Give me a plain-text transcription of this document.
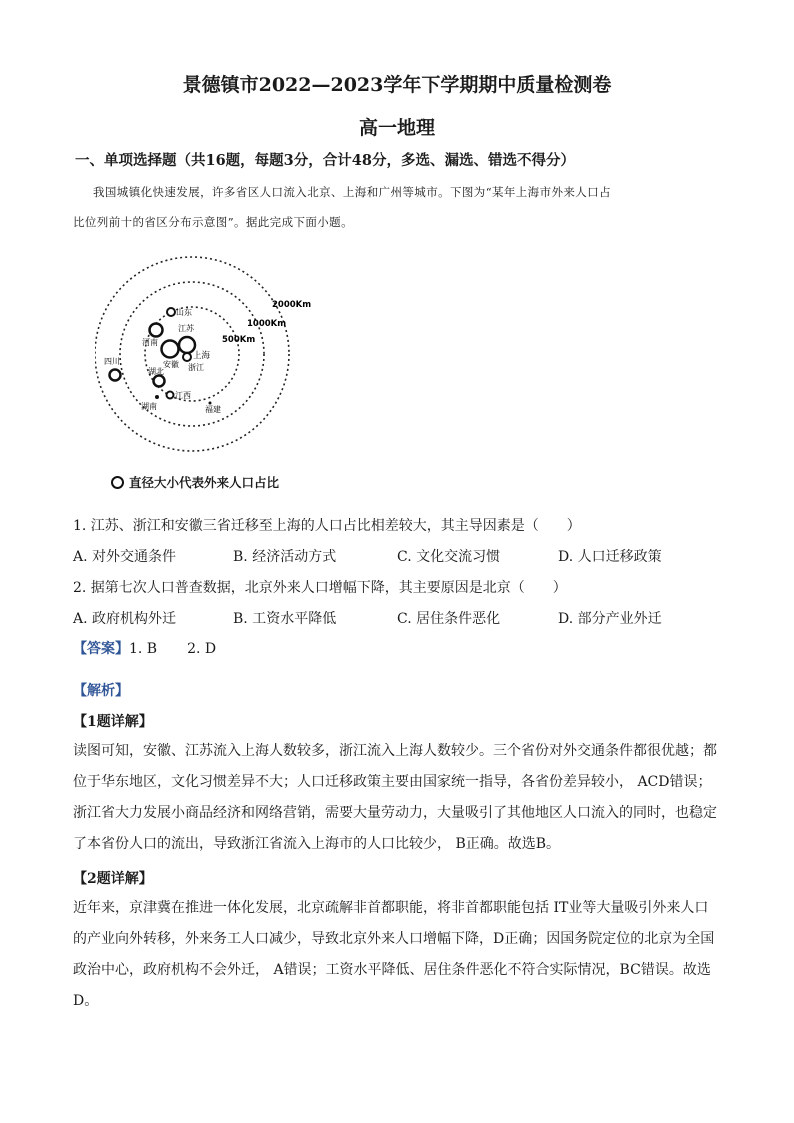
景德镇市2022—2023学年下学期期中质量检测卷
高一地理
一、单项选择题（共16题，每题3分，合计48分，多选、漏选、错选不得分）
我国城镇化快速发展，许多省区人口流入北京、上海和广州等城市。下图为“某年上海市外来人口占
比位列前十的省区分布示意图”。据此完成下面小题。
2000Km
1000Km
500Km
山东
江苏
河南
安徽
上海
浙江
四川
湖北
江西
湖南	福建
直径大小代表外来人口占比
1. 江苏、浙江和安徽三省迁移至上海的人口占比相差较大，其主导因素是（　　）
A. 对外交通条件	B. 经济活动方式	C. 文化交流习惯	D. 人口迁移政策
2. 据第七次人口普查数据，北京外来人口增幅下降，其主要原因是北京（　　）
A. 政府机构外迁	B. 工资水平降低	C. 居住条件恶化	D. 部分产业外迁
【答案】1. B 2. D
【解析】
【1题详解】
读图可知，安徽、江苏流入上海人数较多，浙江流入上海人数较少。三个省份对外交通条件都很优越；都
位于华东地区，文化习惯差异不大；人口迁移政策主要由国家统一指导，各省份差异较小， ACD错误；
浙江省大力发展小商品经济和网络营销，需要大量劳动力，大量吸引了其他地区人口流入的同时，也稳定
了本省份人口的流出，导致浙江省流入上海市的人口比较少， B正确。故选B。
【2题详解】
近年来，京津冀在推进一体化发展，北京疏解非首都职能，将非首都职能包括 IT业等大量吸引外来人口
的产业向外转移，外来务工人口减少，导致北京外来人口增幅下降，D正确；因国务院定位的北京为全国
政治中心，政府机构不会外迁， A错误；工资水平降低、居住条件恶化不符合实际情况，BC错误。故选
D。
